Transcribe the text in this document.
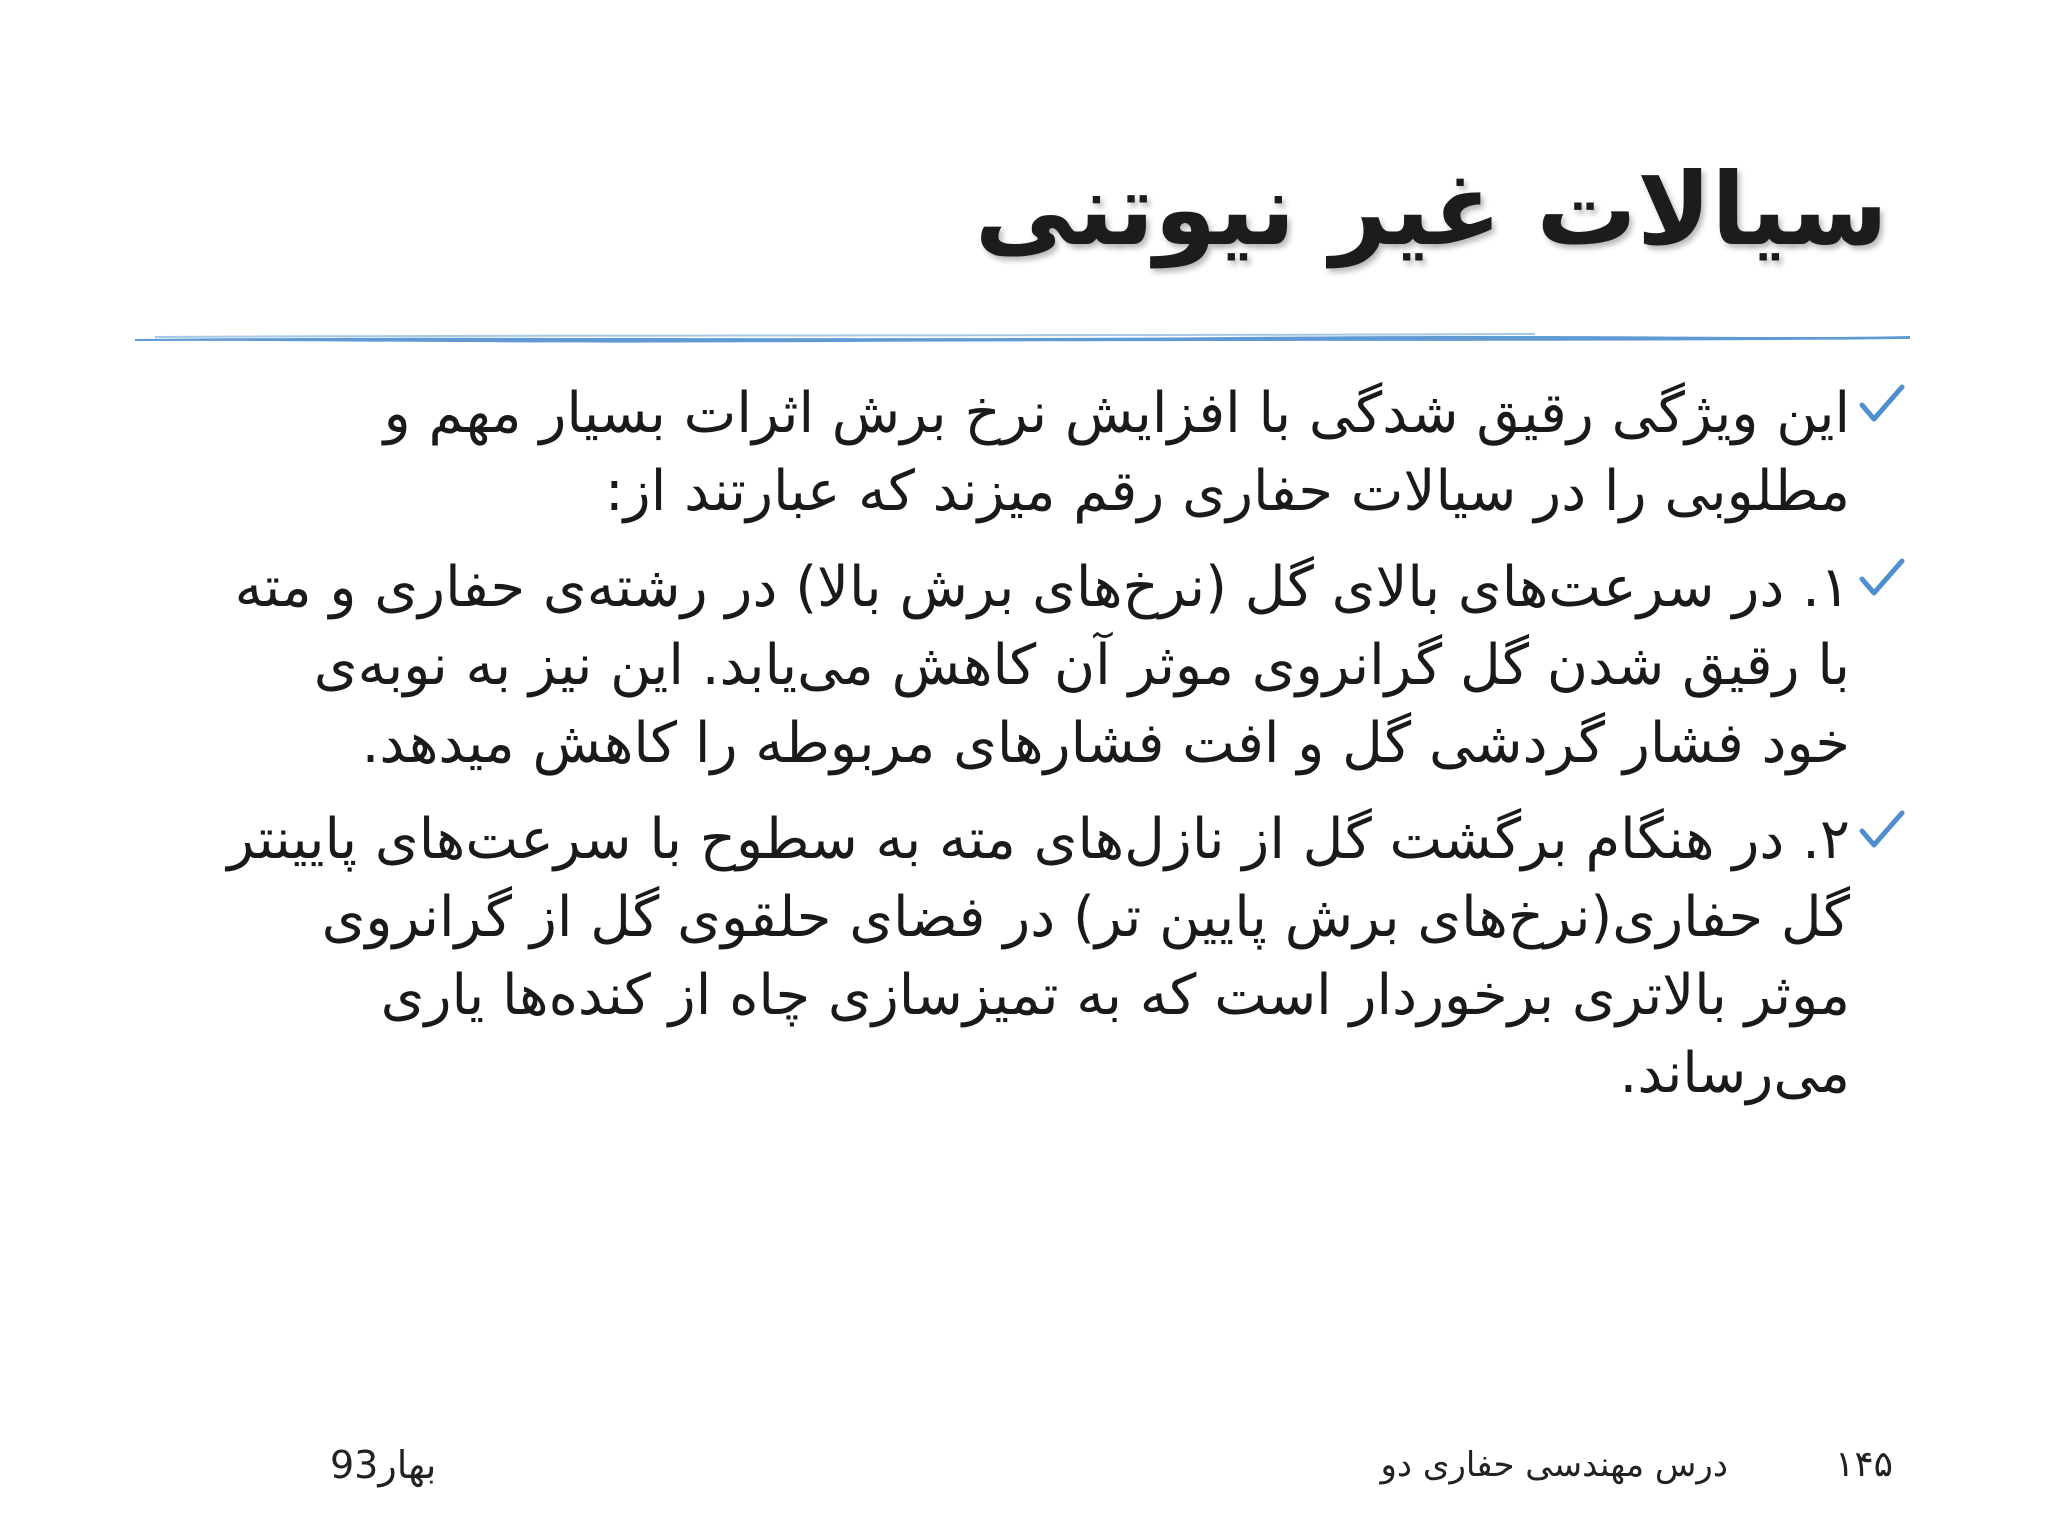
سیالات غیر نیوتنی
این ویژگی رقیق شدگی با افزایش نرخ برش اثرات بسیار مهم و مطلوبی را در سیالات حفاری رقم میزند که عبارتند از:
۱. در سرعت‌های بالای گل (نرخ‌های برش بالا) در رشته‌ی حفاری و مته با رقیق شدن گل گرانروی موثر آن کاهش می‌یابد. این نیز به نوبه‌ی خود فشار گردشی گل و افت فشارهای مربوطه را کاهش میدهد.
۲. در هنگام برگشت گل از نازل‌های مته به سطوح با سرعت‌های پایینتر گل حفاری(نرخ‌های برش پایین تر) در فضای حلقوی گل از گرانروی موثر بالاتری برخوردار است که به تمیزسازی چاه از کنده‌ها یاری می‌رساند.
۱۴۵
درس مهندسی حفاری دو
بهار93
